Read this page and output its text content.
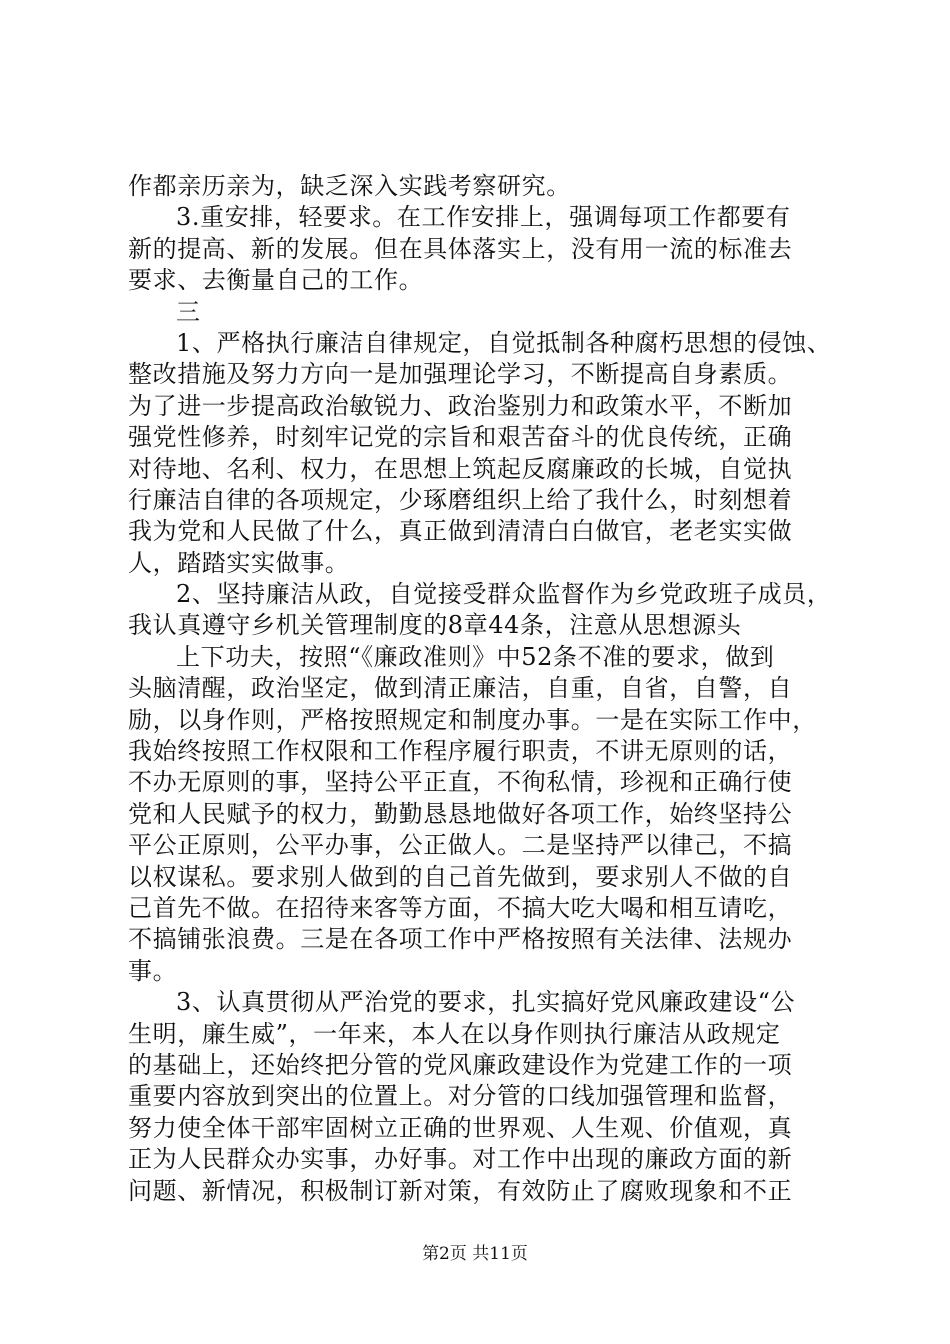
作都亲历亲为，缺乏深入实践考察研究。
3.重安排，轻要求。在工作安排上，强调每项工作都要有
新的提高、新的发展。但在具体落实上，没有用一流的标准去
要求、去衡量自己的工作。
三
1、严格执行廉洁自律规定，自觉抵制各种腐朽思想的侵蚀、
整改措施及努力方向一是加强理论学习，不断提高自身素质。
为了进一步提高政治敏锐力、政治鉴别力和政策水平，不断加
强党性修养，时刻牢记党的宗旨和艰苦奋斗的优良传统，正确
对待地、名利、权力，在思想上筑起反腐廉政的长城，自觉执
行廉洁自律的各项规定，少琢磨组织上给了我什么，时刻想着
我为党和人民做了什么，真正做到清清白白做官，老老实实做
人，踏踏实实做事。
2、坚持廉洁从政，自觉接受群众监督作为乡党政班子成员，
我认真遵守乡机关管理制度的8章44条，注意从思想源头
上下功夫，按照“《廉政准则》中52条不准的要求，做到
头脑清醒，政治坚定，做到清正廉洁，自重，自省，自警，自
励，以身作则，严格按照规定和制度办事。一是在实际工作中，
我始终按照工作权限和工作程序履行职责，不讲无原则的话，
不办无原则的事，坚持公平正直，不徇私情，珍视和正确行使
党和人民赋予的权力，勤勤恳恳地做好各项工作，始终坚持公
平公正原则，公平办事，公正做人。二是坚持严以律己，不搞
以权谋私。要求别人做到的自己首先做到，要求别人不做的自
己首先不做。在招待来客等方面，不搞大吃大喝和相互请吃，
不搞铺张浪费。三是在各项工作中严格按照有关法律、法规办
事。
3、认真贯彻从严治党的要求，扎实搞好党风廉政建设“公
生明，廉生威”，一年来，本人在以身作则执行廉洁从政规定
的基础上，还始终把分管的党风廉政建设作为党建工作的一项
重要内容放到突出的位置上。对分管的口线加强管理和监督，
努力使全体干部牢固树立正确的世界观、人生观、价值观，真
正为人民群众办实事，办好事。对工作中出现的廉政方面的新
问题、新情况，积极制订新对策，有效防止了腐败现象和不正
第2页 共11页
